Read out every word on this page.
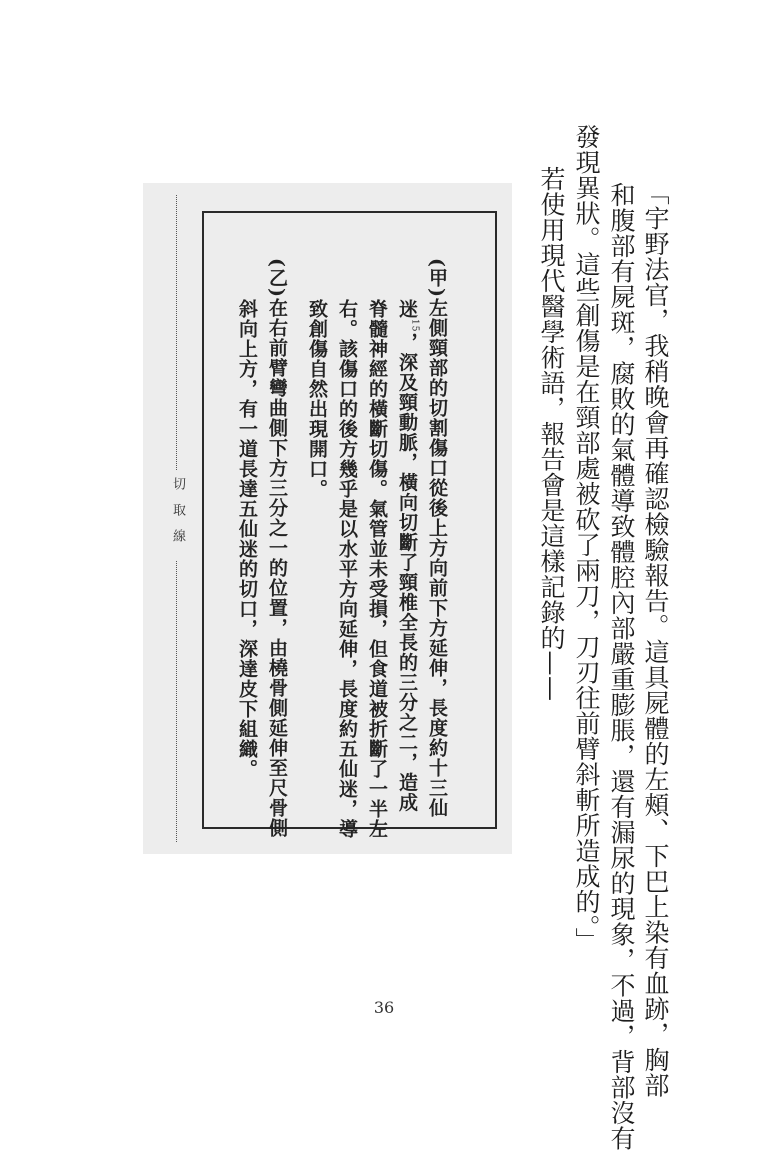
「宇野法官，我稍晚會再確認檢驗報告。這具屍體的左頰、下巴上染有血跡，胸部
和腹部有屍斑，腐敗的氣體導致體腔內部嚴重膨脹，還有漏尿的現象，不過，背部沒有
發現異狀。這些創傷是在頸部處被砍了兩刀，刀刃往前臂斜斬所造成的。」
若使用現代醫學術語，報告會是這樣記錄的——
切取線	(甲)左側頸部的切割傷口從後上方向前下方延伸，長度約十三仙
迷$^{15}$，深及頸動脈，橫向切斷了頸椎全長的三分之二，造成
脊髓神經的橫斷切傷。氣管並未受損，但食道被折斷了一半左
右。該傷口的後方幾乎是以水平方向延伸，長度約五仙迷，導
致創傷自然出現開口。
(乙)在右前臂彎曲側下方三分之一的位置，由橈骨側延伸至尺骨側
斜向上方，有一道長達五仙迷的切口，深達皮下組織。
36
